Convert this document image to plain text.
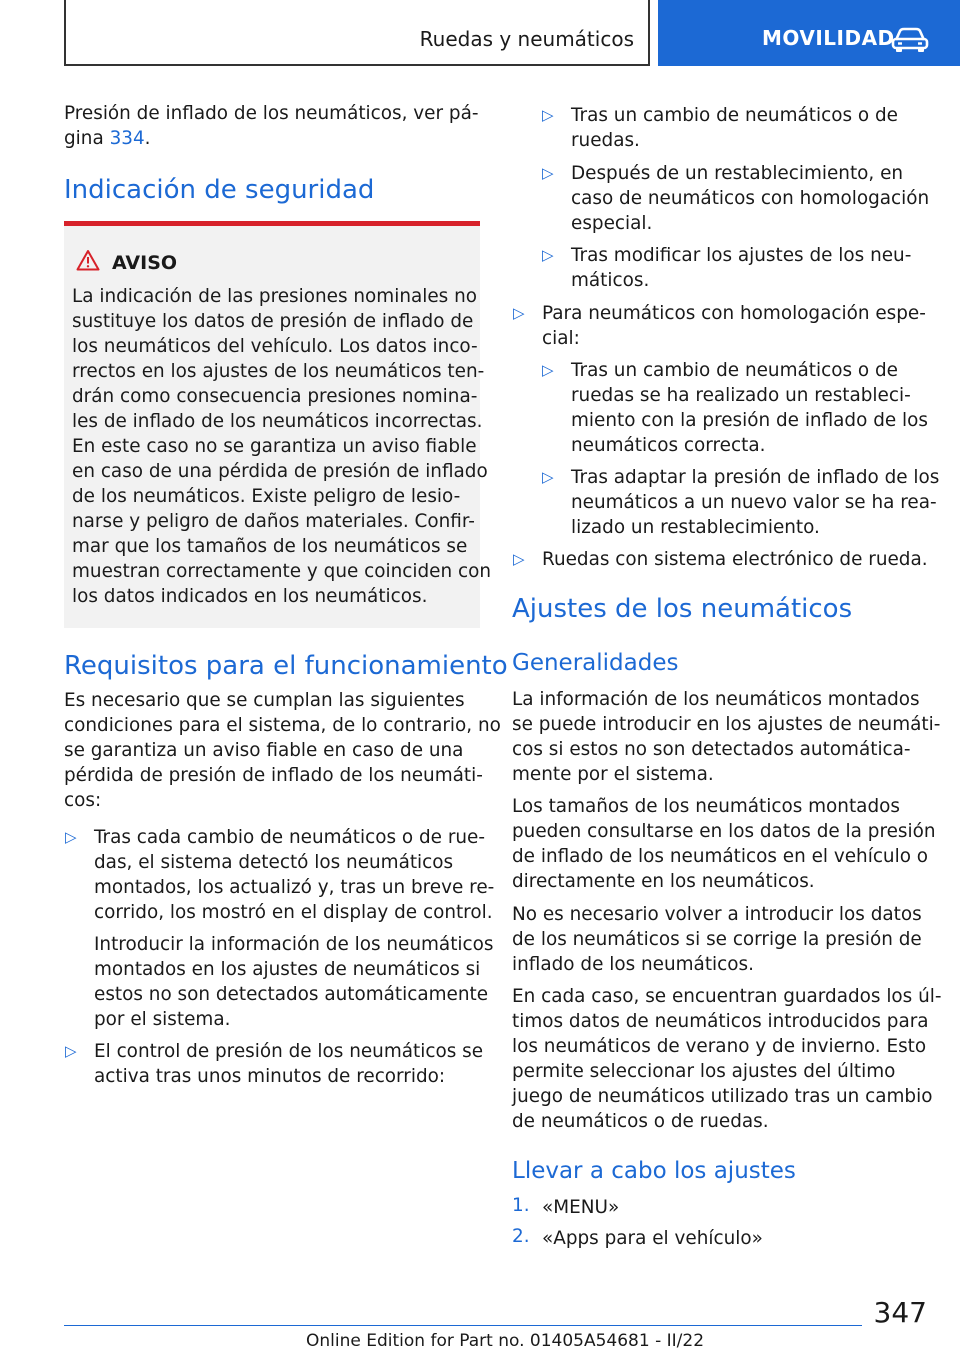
Ruedas y neumáticos	MOVILIDAD
Presión de inflado de los neumáticos, ver pá-
gina 334.
Indicación de seguridad
AVISO
La indicación de las presiones nominales no
sustituye los datos de presión de inflado de
los neumáticos del vehículo. Los datos inco-
rrectos en los ajustes de los neumáticos ten-
drán como consecuencia presiones nomina-
les de inflado de los neumáticos incorrectas.
En este caso no se garantiza un aviso fiable
en caso de una pérdida de presión de inflado
de los neumáticos. Existe peligro de lesio-
narse y peligro de daños materiales. Confir-
mar que los tamaños de los neumáticos se
muestran correctamente y que coinciden con
los datos indicados en los neumáticos.
Requisitos para el funcionamiento
Es necesario que se cumplan las siguientes
condiciones para el sistema, de lo contrario, no
se garantiza un aviso fiable en caso de una
pérdida de presión de inflado de los neumáti-
cos:
▷ Tras cada cambio de neumáticos o de rue-
das, el sistema detectó los neumáticos
montados, los actualizó y, tras un breve re-
corrido, los mostró en el display de control.
Introducir la información de los neumáticos
montados en los ajustes de neumáticos si
estos no son detectados automáticamente
por el sistema.
▷ El control de presión de los neumáticos se
activa tras unos minutos de recorrido:
▷ Tras un cambio de neumáticos o de
ruedas.
▷ Después de un restablecimiento, en
caso de neumáticos con homologación
especial.
▷ Tras modificar los ajustes de los neu-
máticos.
▷ Para neumáticos con homologación espe-
cial:
▷ Tras un cambio de neumáticos o de
ruedas se ha realizado un restableci-
miento con la presión de inflado de los
neumáticos correcta.
▷ Tras adaptar la presión de inflado de los
neumáticos a un nuevo valor se ha rea-
lizado un restablecimiento.
▷ Ruedas con sistema electrónico de rueda.
Ajustes de los neumáticos
Generalidades
La información de los neumáticos montados
se puede introducir en los ajustes de neumáti-
cos si estos no son detectados automática-
mente por el sistema.
Los tamaños de los neumáticos montados
pueden consultarse en los datos de la presión
de inflado de los neumáticos en el vehículo o
directamente en los neumáticos.
No es necesario volver a introducir los datos
de los neumáticos si se corrige la presión de
inflado de los neumáticos.
En cada caso, se encuentran guardados los úl-
timos datos de neumáticos introducidos para
los neumáticos de verano y de invierno. Esto
permite seleccionar los ajustes del último
juego de neumáticos utilizado tras un cambio
de neumáticos o de ruedas.
Llevar a cabo los ajustes
1. «MENU»
2. «Apps para el vehículo»
347
Online Edition for Part no. 01405A54681 - II/22
